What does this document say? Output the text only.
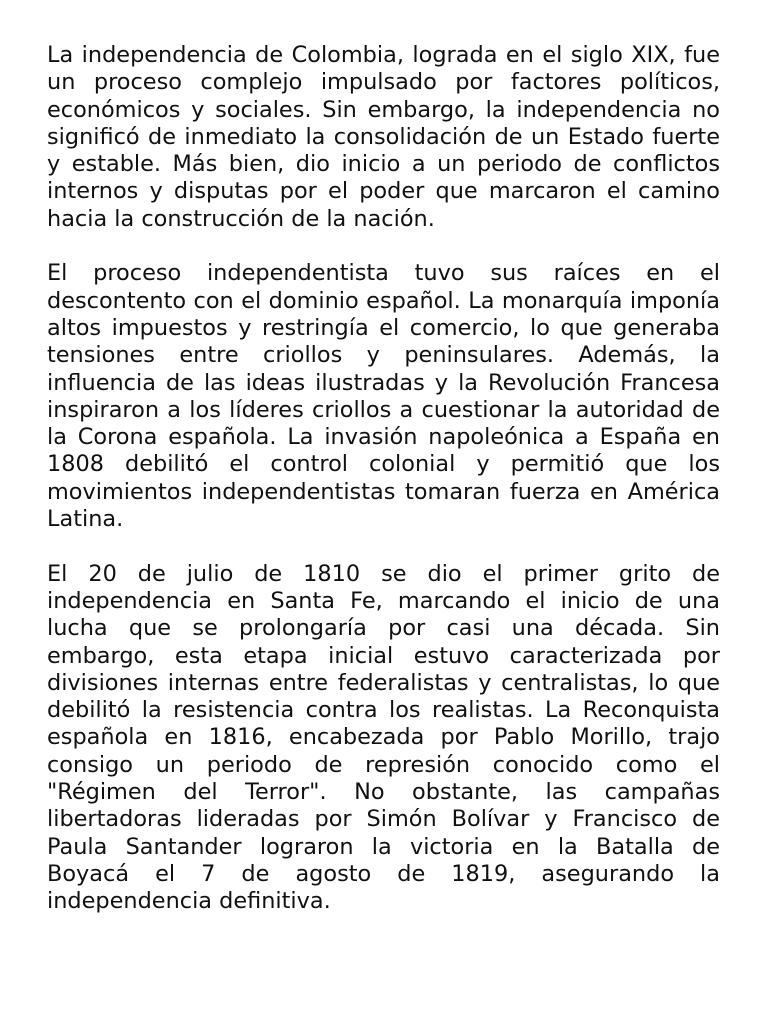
La independencia de Colombia, lograda en el siglo XIX, fue un proceso complejo impulsado por factores políticos, económicos y sociales. Sin embargo, la independencia no significó de inmediato la consolidación de un Estado fuerte y estable. Más bien, dio inicio a un periodo de conflictos internos y disputas por el poder que marcaron el camino hacia la construcción de la nación.

El proceso independentista tuvo sus raíces en el descontento con el dominio español. La monarquía imponía altos impuestos y restringía el comercio, lo que generaba tensiones entre criollos y peninsulares. Además, la influencia de las ideas ilustradas y la Revolución Francesa inspiraron a los líderes criollos a cuestionar la autoridad de la Corona española. La invasión napoleónica a España en 1808 debilitó el control colonial y permitió que los movimientos independentistas tomaran fuerza en América Latina.

El 20 de julio de 1810 se dio el primer grito de independencia en Santa Fe, marcando el inicio de una lucha que se prolongaría por casi una década. Sin embargo, esta etapa inicial estuvo caracterizada por divisiones internas entre federalistas y centralistas, lo que debilitó la resistencia contra los realistas. La Reconquista española en 1816, encabezada por Pablo Morillo, trajo consigo un periodo de represión conocido como el "Régimen del Terror". No obstante, las campañas libertadoras lideradas por Simón Bolívar y Francisco de Paula Santander lograron la victoria en la Batalla de Boyacá el 7 de agosto de 1819, asegurando la independencia definitiva.
